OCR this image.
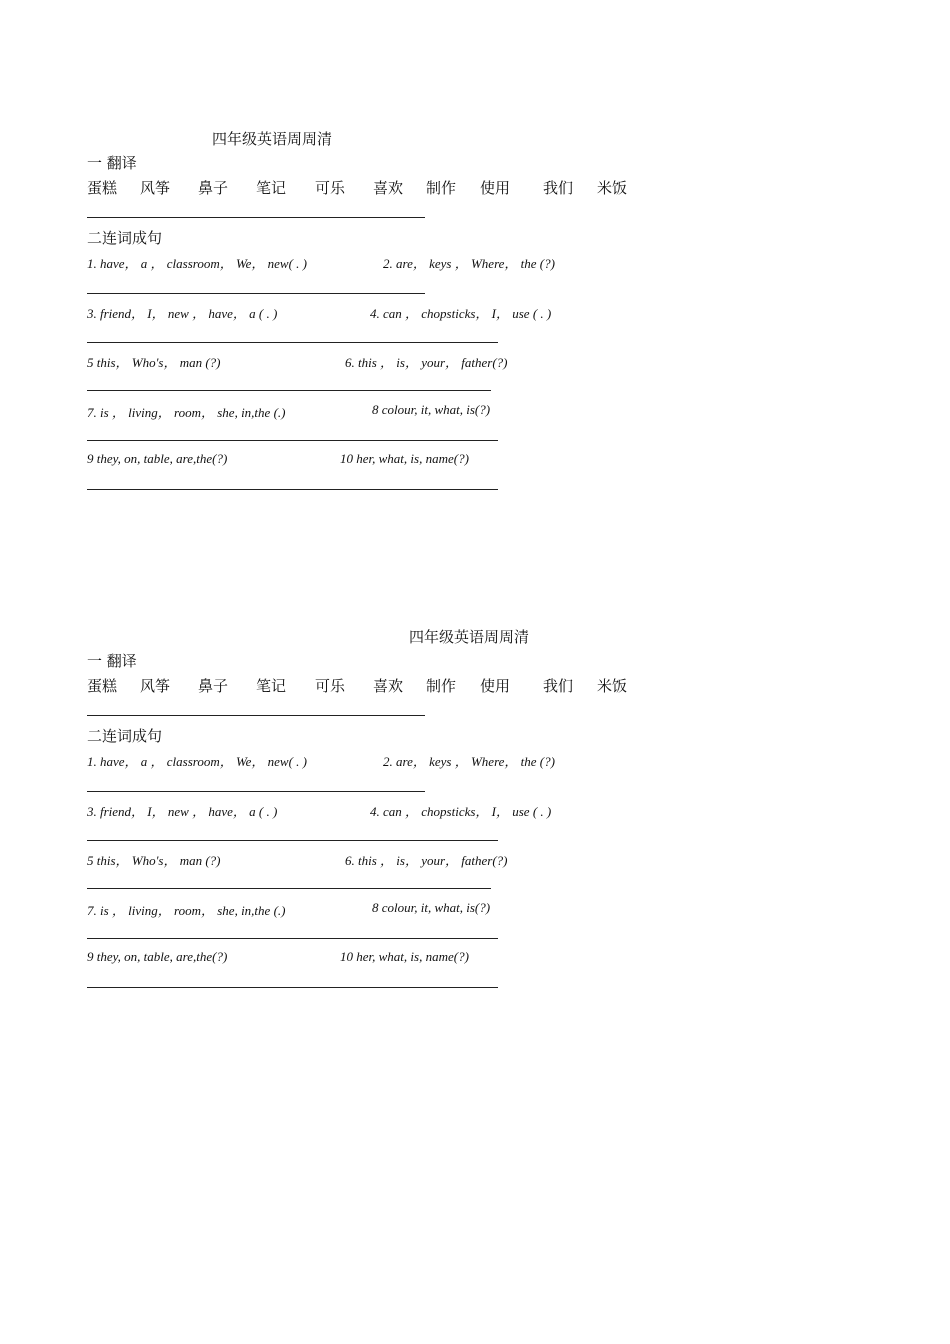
四年级英语周周清
一 翻译
蛋糕 风筝 鼻子 笔记 可乐 喜欢 制作 使用 我们 米饭
二连词成句
1. have， a ， classroom， We， new( . )	2. are， keys ， Where， the (?)
3. friend， I， new ， have， a ( . )	4. can ， chopsticks， I， use ( . )
5 this， Who's， man (?)	6. this ， is， your， father(?)
7. is ， living， room， she, in,the (.)	8 colour, it, what, is(?)
9 they, on, table, are,the(?)	10 her, what, is, name(?)
四年级英语周周清
一 翻译
蛋糕 风筝 鼻子 笔记 可乐 喜欢 制作 使用 我们 米饭
二连词成句
1. have， a ， classroom， We， new( . )	2. are， keys ， Where， the (?)
3. friend， I， new ， have， a ( . )	4. can ， chopsticks， I， use ( . )
5 this， Who's， man (?)	6. this ， is， your， father(?)
7. is ， living， room， she, in,the (.)	8 colour, it, what, is(?)
9 they, on, table, are,the(?)	10 her, what, is, name(?)
